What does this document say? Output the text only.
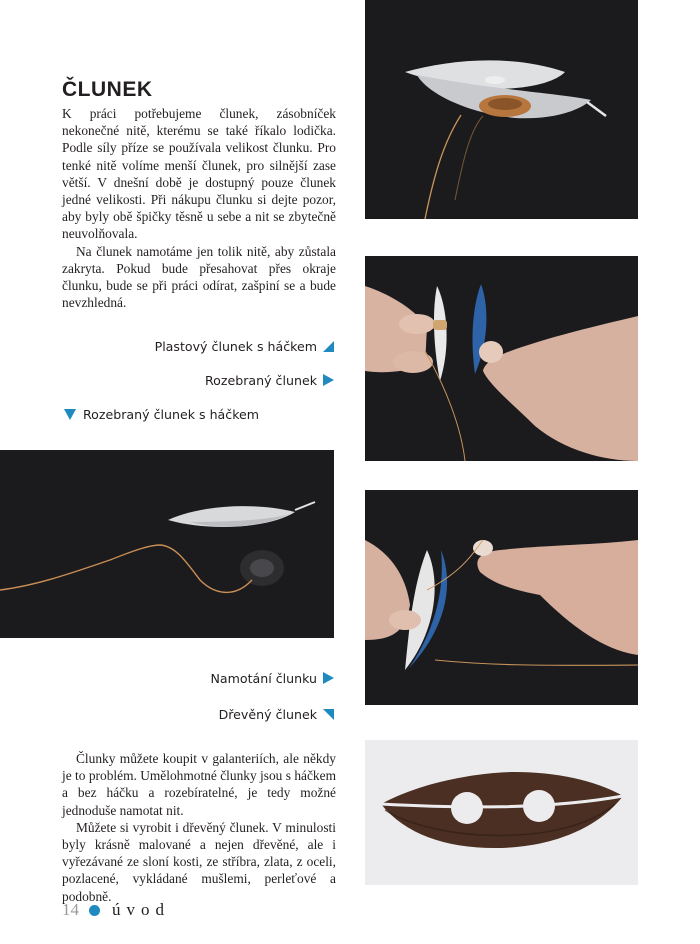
ČLUNEK

K práci potřebujeme člunek, zásobníček nekonečné nitě, kterému se také říkalo lodička. Podle síly příze se používala velikost člunku. Pro tenké nitě volíme menší člunek, pro silnější zase větší. V dnešní době je dostupný pouze člunek jedné velikosti. Při nákupu člunku si dejte pozor, aby byly obě špičky těsně u sebe a nit se zbytečně neuvolňovala.

Na člunek namotáme jen tolik nitě, aby zůstala zakryta. Pokud bude přesahovat přes okraje člunku, bude se při práci odírat, zašpiní se a bude nevzhledná.

Plastový člunek s háčkem
Rozebraný člunek
Rozebraný člunek s háčkem
Namotání člunku
Dřevěný člunek

Člunky můžete koupit v galanteriích, ale někdy je to problém. Umělohmotné člunky jsou s háčkem a bez háčku a rozebíratelné, je tedy možné jednoduše namotat nit.

Můžete si vyrobit i dřevěný člunek. V minulosti byly krásně malované a nejen dřevěné, ale i vyřezávané ze sloní kosti, ze stříbra, zlata, z oceli, pozlacené, vykládané mušlemi, perleťové a podobně.

14 úvod
